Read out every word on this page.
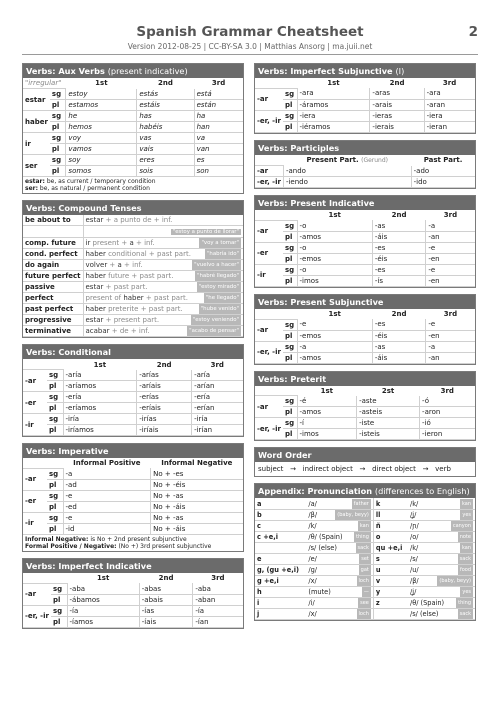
Spanish Grammar Cheatsheet	2
Version 2012-08-25 | CC-BY-SA 3.0 | Matthias Ansorg | ma.juii.net
Verbs: Aux Verbs (present indicative)
"irregular"		1st	2nd	3rd
estar	sg	estoy	estás	está
	pl	estamos	estáis	están
haber	sg	he	has	ha
	pl	hemos	habéis	han
ir	sg	voy	vas	va
	pl	vamos	vais	van
ser	sg	soy	eres	es
	pl	somos	sois	son
estar: be, as current / temporary condition
ser: be, as natural / permanent condition
Verbs: Compound Tenses
be about to	estar + a punto de + inf.
	"estoy a punto de llorar"
comp. future	ir present + a + inf. "voy a tomar"

cond. perfect	haber conditional + past part. "habría ido"

do again	volver + a + inf. "vuelvo a hacer"

future perfect	haber future + past part. "habré llegado"

passive	estar + past part. "estoy mirado"

perfect	present of haber + past part. "he llegado"

past perfect	haber preterite + past part. "hube venido"

progressive	estar + present part. "estoy veniendo"

terminative	acabar + de + inf. "acabo de pensar"
Verbs: Conditional
		1st	2nd	3rd
-ar	sg	-aría	-arías	-aría
	pl	-aríamos	-aríais	-arían
-er	sg	-ería	-erías	-ería
	pl	-eríamos	-eríais	-erían
-ir	sg	-iría	-irías	-iría
	pl	-iríamos	-iríais	-irían
Verbs: Imperative
		Informal Positive	Informal Negative
-ar	sg	-a	No + -es
	pl	-ad	No + -éis
-er	sg	-e	No + -as
	pl	-ed	No + -áis
-ir	sg	-e	No + -as
	pl	-id	No + -áis
Informal Negative: is No + 2nd present subjunctive
Formal Positive / Negative: (No +) 3rd present subjunctive
Verbs: Imperfect Indicative
		1st	2nd	3rd
-ar	sg	-aba	-abas	-aba
	pl	-ábamos	-abais	-aban
-er, -ir	sg	-ía	-ías	-ía
	pl	-íamos	-íais	-ían
Verbs: Imperfect Subjunctive (I)
		1st	2nd	3rd
-ar	sg	-ara	-aras	-ara
	pl	-áramos	-arais	-aran
-er, -ir	sg	-iera	-ieras	-iera
	pl	-iéramos	-ierais	-ieran
Verbs: Participles
	Present Part. (Gerund)	Past Part.
-ar	-ando	-ado
-er, -ir	-iendo	-ido
Verbs: Present Indicative
		1st	2nd	3rd
-ar	sg	-o	-as	-a
	pl	-amos	-áis	-an
-er	sg	-o	-es	-e
	pl	-emos	-éis	-en
-ir	sg	-o	-es	-e
	pl	-imos	-ís	-en
Verbs: Present Subjunctive
		1st	2nd	3rd
-ar	sg	-e	-es	-e
	pl	-emos	-éis	-en
-er, -ir	sg	-a	-as	-a
	pl	-amos	-áis	-an
Verbs: Preterit
		1st	2st	3rd
-ar	sg	-é	-aste	-ó
	pl	-amos	-asteis	-aron
-er, -ir	sg	-í	-iste	-ió
	pl	-imos	-isteis	-ieron
Word Order
subject → indirect object → direct object → verb
Appendix: Pronunciation (differences to English)
a	/a/ father	k	/k/ kan

b	/β/ (baby, beyy)	ll	/ʝ/ yes

c	/k/ kan	ñ	/ɲ/ canyon

c +e,i	/θ/ (Spain) thing	o	/o/ note

	/s/ (else) sack	qu +e,i	/k/ kan

e	/e/ set	s	/s/ sack

g, (gu +e,i)	/ɡ/ gat	u	/u/ food

g +e,i	/x/ loch	v	/β/ (baby, beyy)

h	(mute) —	y	/ʝ/ yes

i	/i/ see	z	/θ/ (Spain) thing

j	/x/ loch		/s/ (else) sack
